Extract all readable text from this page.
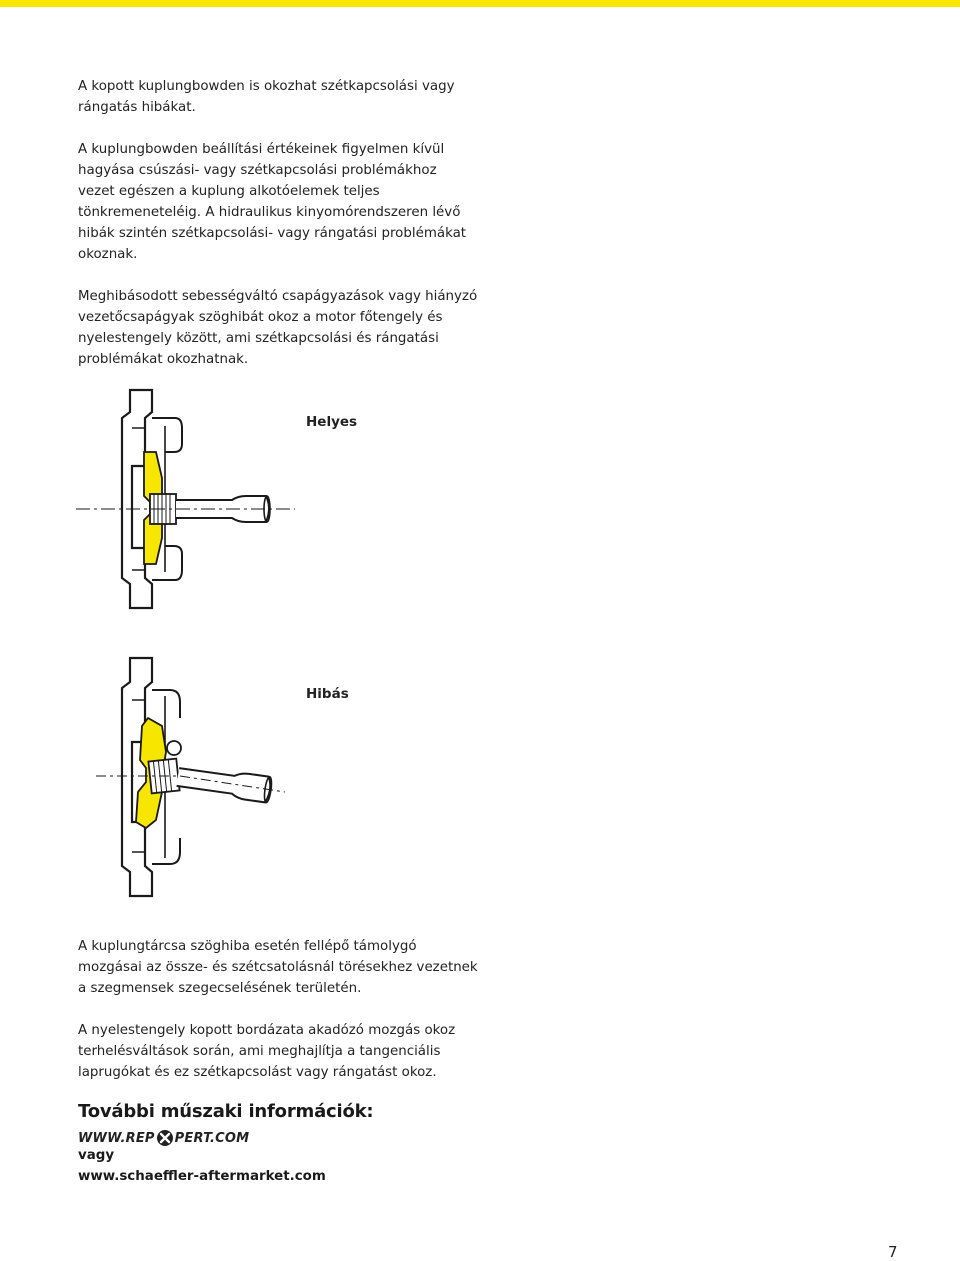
A kopott kuplungbowden is okozhat szétkapcsolási vagy rángatás hibákat.

A kuplungbowden beállítási értékeinek figyelmen kívül hagyása csúszási- vagy szétkapcsolási problémákhoz vezet egészen a kuplung alkotóelemek teljes tönkremeneteléig. A hidraulikus kinyomórendszeren lévő hibák szintén szétkapcsolási- vagy rángatási problémákat okoznak.

Meghibásodott sebességváltó csapágyazások vagy hiányzó vezetőcsapágyak szöghibát okoz a motor főtengely és nyelestengely között, ami szétkapcsolási és rángatási problémákat okozhatnak.

Helyes
Hibás

A kuplungtárcsa szöghiba esetén fellépő támolygó mozgásai az össze- és szétcsatolásnál törésekhez vezetnek a szegmensek szegecselésének területén.

A nyelestengely kopott bordázata akadózó mozgás okoz terhelésváltások során, ami meghajlítja a tangenciális laprugókat és ez szétkapcsolást vagy rángatást okoz.

További műszaki információk:
WWW.REP PERT.COM
vagy
www.schaeffler-aftermarket.com
7
